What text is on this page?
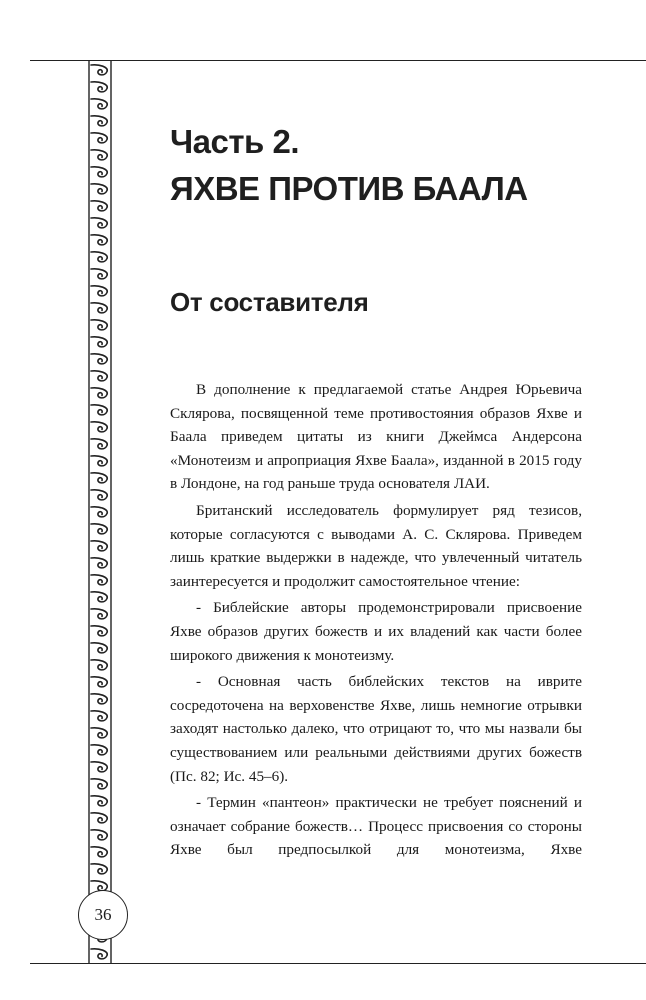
36
Часть 2.
ЯХВЕ ПРОТИВ БААЛА
От составителя

В дополнение к предлагаемой статье Андрея Юрьевича Склярова, посвященной теме противостояния образов Яхве и Баала приведем цитаты из книги Джеймса Андерсона «Монотеизм и апроприация Яхве Баала», изданной в 2015 году в Лондоне, на год раньше труда основателя ЛАИ.

Британский исследователь формулирует ряд тезисов, которые согласуются с выводами А. С. Склярова. Приведем лишь краткие выдержки в надежде, что увлеченный читатель заинтересуется и продолжит самостоятельное чтение:

- Библейские авторы продемонстрировали присвоение Яхве образов других божеств и их владений как части более широкого движения к монотеизму.

- Основная часть библейских текстов на иврите сосредоточена на верховенстве Яхве, лишь немногие отрывки заходят настолько далеко, что отрицают то, что мы назвали бы существованием или реальными действиями других божеств (Пс. 82; Ис. 45–6).

- Термин «пантеон» практически не требует пояснений и означает собрание божеств… Процесс присвоения со стороны Яхве был предпосылкой для монотеизма, Яхве
